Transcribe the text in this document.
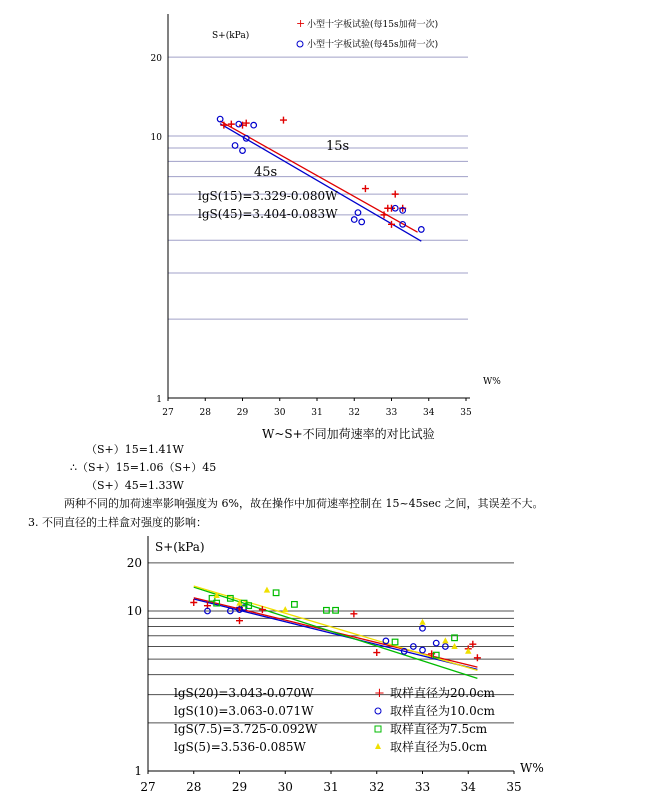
27	28	29	30	31	32	33	34	35
1
10
20
S+(kPa)
W%
+ 小型十字板试验(每15s加荷一次)
小型十字板试验(每45s加荷一次)
15s
45s
lgS(15)=3.329-0.080W
lgS(45)=3.404-0.083W
W~S+不同加荷速率的对比试验
（S+）15=1.41W
∴（S+）15=1.06（S+）45
（S+）45=1.33W
两种不同的加荷速率影响强度为 6%，故在操作中加荷速率控制在 15~45sec 之间，其误差不大。
3. 不同直径的土样盒对强度的影响：
27	28	29	30	31	32	33	34	35
1
10
20
S+(kPa)
W%
lgS(20)=3.043-0.070W
lgS(10)=3.063-0.071W
lgS(7.5)=3.725-0.092W
lgS(5)=3.536-0.085W
+ 取样直径为20.0cm
取样直径为10.0cm
取样直径为7.5cm
取样直径为5.0cm
